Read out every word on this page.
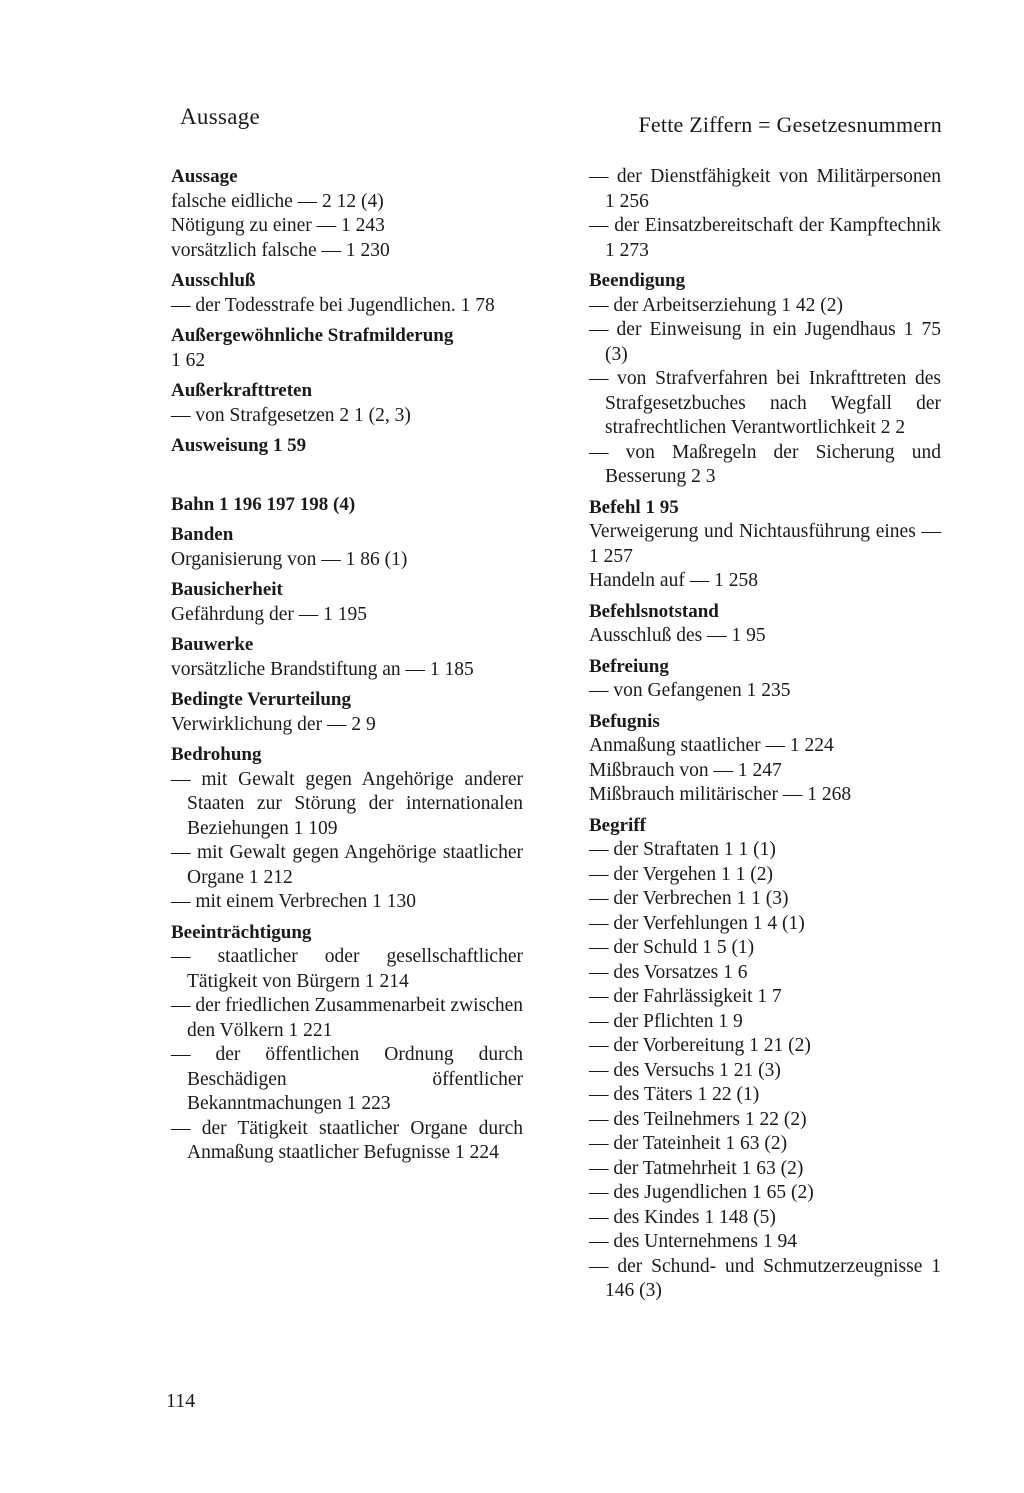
Aussage	Fette Ziffern = Gesetzesnummern
Aussage
falsche eidliche — 2 12 (4)
Nötigung zu einer — 1 243
vorsätzlich falsche — 1 230
Ausschluß
— der Todesstrafe bei Jugendlichen. 1 78
Außergewöhnliche Strafmilderung
1 62
Außerkrafttreten
— von Strafgesetzen 2 1 (2, 3)
Ausweisung 1 59
Bahn 1 196 197 198 (4)
Banden
Organisierung von — 1 86 (1)
Bausicherheit
Gefährdung der — 1 195
Bauwerke
vorsätzliche Brandstiftung an — 1 185
Bedingte Verurteilung
Verwirklichung der — 2 9
Bedrohung
— mit Gewalt gegen Angehörige anderer Staaten zur Störung der internationalen Beziehungen 1 109
— mit Gewalt gegen Angehörige staatlicher Organe 1 212
— mit einem Verbrechen 1 130
Beeinträchtigung
— staatlicher oder gesellschaftlicher Tätigkeit von Bürgern 1 214
— der friedlichen Zusammenarbeit zwischen den Völkern 1 221
— der öffentlichen Ordnung durch Beschädigen öffentlicher Bekanntmachungen 1 223
— der Tätigkeit staatlicher Organe durch Anmaßung staatlicher Befugnisse 1 224
— der Dienstfähigkeit von Militärpersonen 1 256
— der Einsatzbereitschaft der Kampftechnik 1 273
Beendigung
— der Arbeitserziehung 1 42 (2)
— der Einweisung in ein Jugendhaus 1 75 (3)
— von Strafverfahren bei Inkrafttreten des Strafgesetzbuches nach Wegfall der strafrechtlichen Verantwortlichkeit 2 2
— von Maßregeln der Sicherung und Besserung 2 3
Befehl 1 95
Verweigerung und Nichtausführung eines — 1 257
Handeln auf — 1 258
Befehlsnotstand
Ausschluß des — 1 95
Befreiung
— von Gefangenen 1 235
Befugnis
Anmaßung staatlicher — 1 224
Mißbrauch von — 1 247
Mißbrauch militärischer — 1 268
Begriff
— der Straftaten 1 1 (1)
— der Vergehen 1 1 (2)
— der Verbrechen 1 1 (3)
— der Verfehlungen 1 4 (1)
— der Schuld 1 5 (1)
— des Vorsatzes 1 6
— der Fahrlässigkeit 1 7
— der Pflichten 1 9
— der Vorbereitung 1 21 (2)
— des Versuchs 1 21 (3)
— des Täters 1 22 (1)
— des Teilnehmers 1 22 (2)
— der Tateinheit 1 63 (2)
— der Tatmehrheit 1 63 (2)
— des Jugendlichen 1 65 (2)
— des Kindes 1 148 (5)
— des Unternehmens 1 94
— der Schund- und Schmutzerzeugnisse 1 146 (3)
114
